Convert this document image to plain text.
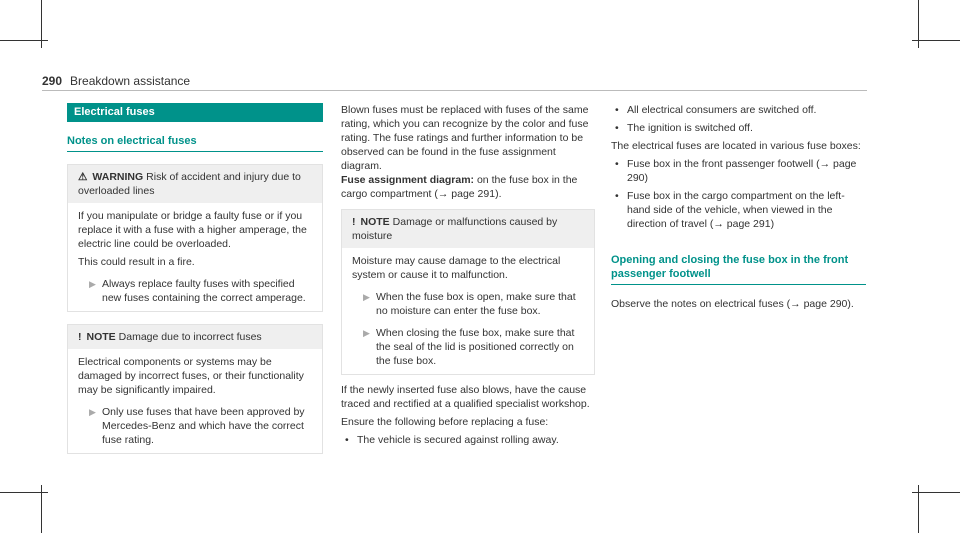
290 Breakdown assistance
Electrical fuses
Notes on electrical fuses
⚠ WARNING Risk of accident and injury due to overloaded lines

If you manipulate or bridge a faulty fuse or if you replace it with a fuse with a higher amperage, the electric line could be overloaded.

This could result in a fire.

▶ Always replace faulty fuses with specified new fuses containing the correct amperage.
! NOTE Damage due to incorrect fuses

Electrical components or systems may be damaged by incorrect fuses, or their functionality may be significantly impaired.

▶ Only use fuses that have been approved by Mercedes-Benz and which have the correct fuse rating.

Blown fuses must be replaced with fuses of the same rating, which you can recognize by the color and fuse rating. The fuse ratings and further information to be observed can be found in the fuse assignment diagram.

Fuse assignment diagram: on the fuse box in the cargo compartment (→ page 291).

! NOTE Damage or malfunctions caused by moisture

Moisture may cause damage to the electrical system or cause it to malfunction.

▶ When the fuse box is open, make sure that no moisture can enter the fuse box.
▶ When closing the fuse box, make sure that the seal of the lid is positioned correctly on the fuse box.

If the newly inserted fuse also blows, have the cause traced and rectified at a qualified specialist workshop.

Ensure the following before replacing a fuse:

• The vehicle is secured against rolling away.
• All electrical consumers are switched off.
• The ignition is switched off.

The electrical fuses are located in various fuse boxes:

• Fuse box in the front passenger footwell (→ page 290)
• Fuse box in the cargo compartment on the left-hand side of the vehicle, when viewed in the direction of travel (→ page 291)
Opening and closing the fuse box in the front passenger footwell

Observe the notes on electrical fuses (→ page 290).
